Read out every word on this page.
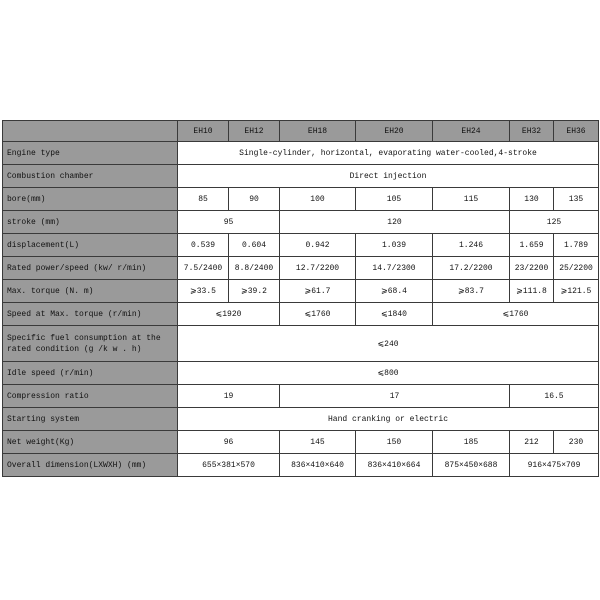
	EH10	EH12	EH18	EH20	EH24	EH32	EH36
Engine type	Single-cylinder, horizontal, evaporating water-cooled,4-stroke						
Combustion chamber	Direct injection						
bore(mm)	85	90	100	105	115	130	135
stroke (mm)	95		120			125	
displacement(L)	0.539	0.604	0.942	1.039	1.246	1.659	1.789
Rated power/speed (kw/ r/min)	7.5/2400	8.8/2400	12.7/2200	14.7/2300	17.2/2200	23/2200	25/2200
Max. torque (N. m)	⩾33.5	⩾39.2	⩾61.7	⩾68.4	⩾83.7	⩾111.8	⩾121.5
Speed at Max. torque (r/min)	⩽1920		⩽1760	⩽1840	⩽1760		
Specific fuel consumption at the rated condition (g /k w . h)	⩽240						
Idle speed (r/min)	⩽800						
Compression ratio	19		17			16.5	
Starting system	Hand cranking or electric						
Net weight(Kg)	96		145	150	185	212	230
Overall dimension(LXWXH) (mm)	655×381×570		836×410×640	836×410×664	875×450×688	916×475×709	
